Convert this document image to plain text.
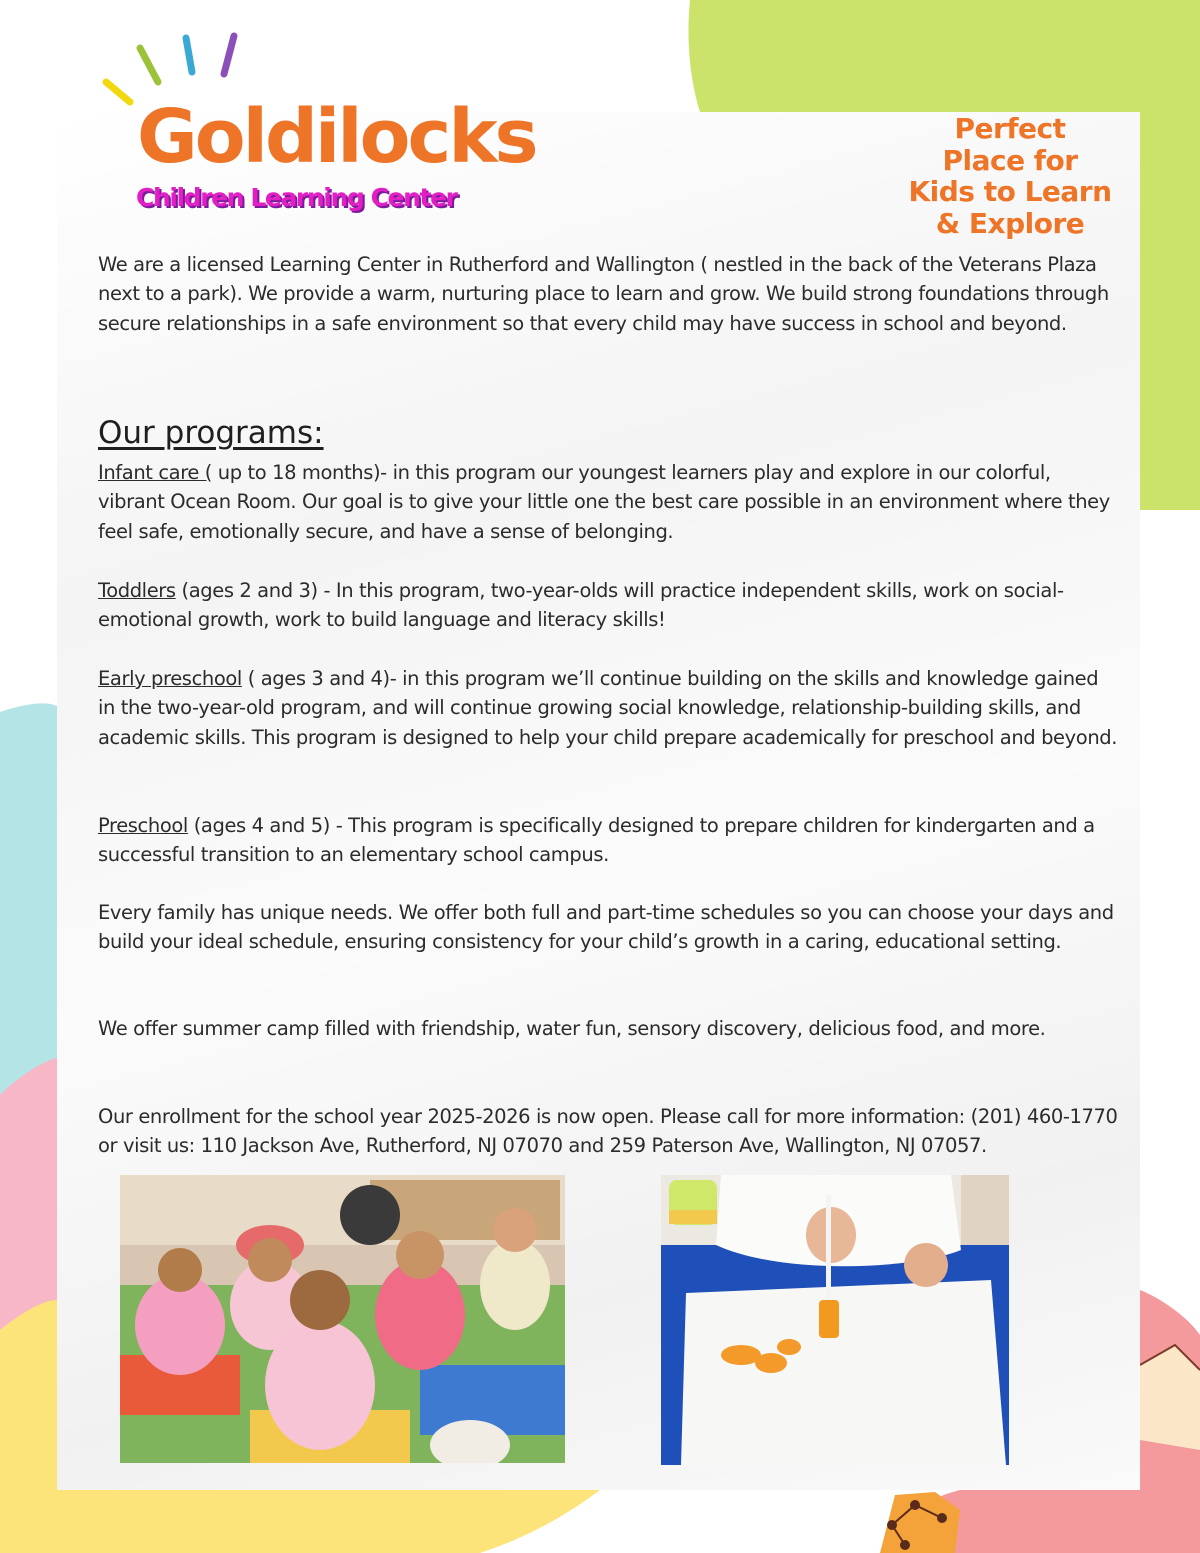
Goldilocks
Children Learning Center
Perfect
Place for
Kids to Learn
& Explore
We are a licensed Learning Center in Rutherford and Wallington ( nestled in the back of the Veterans Plaza next to a park). We provide a warm, nurturing place to learn and grow. We build strong foundations through secure relationships in a safe environment so that every child may have success in school and beyond.
Our programs:
Infant care ( up to 18 months)- in this program our youngest learners play and explore in our colorful, vibrant Ocean Room. Our goal is to give your little one the best care possible in an environment where they feel safe, emotionally secure, and have a sense of belonging.
Toddlers (ages 2 and 3) - In this program, two-year-olds will practice independent skills, work on social-emotional growth, work to build language and literacy skills!
Early preschool ( ages 3 and 4)- in this program we’ll continue building on the skills and knowledge gained in the two-year-old program, and will continue growing social knowledge, relationship-building skills, and academic skills. This program is designed to help your child prepare academically for preschool and beyond.
Preschool (ages 4 and 5) - This program is specifically designed to prepare children for kindergarten and a successful transition to an elementary school campus.
Every family has unique needs. We offer both full and part-time schedules so you can choose your days and build your ideal schedule, ensuring consistency for your child’s growth in a caring, educational setting.
We offer summer camp filled with friendship, water fun, sensory discovery, delicious food, and more.
Our enrollment for the school year 2025-2026 is now open. Please call for more information: (201) 460-1770 or visit us: 110 Jackson Ave, Rutherford, NJ 07070 and 259 Paterson Ave, Wallington, NJ 07057.
